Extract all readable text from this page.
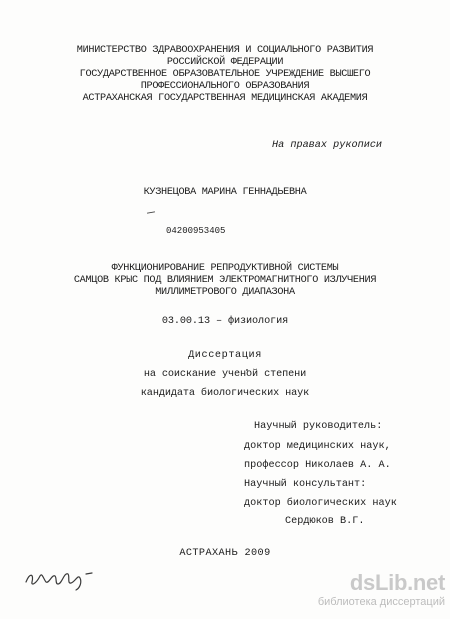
МИНИСТЕРСТВО ЗДРАВООХРАНЕНИЯ И СОЦИАЛЬНОГО РАЗВИТИЯ
РОССИЙСКОЙ ФЕДЕРАЦИИ
ГОСУДАРСТВЕННОЕ ОБРАЗОВАТЕЛЬНОЕ УЧРЕЖДЕНИЕ ВЫСШЕГО
ПРОФЕССИОНАЛЬНОГО ОБРАЗОВАНИЯ
АСТРАХАНСКАЯ ГОСУДАРСТВЕННАЯ МЕДИЦИНСКАЯ АКАДЕМИЯ
На правах рукописи
КУЗНЕЦОВА МАРИНА ГЕННАДЬЕВНА
04200953405
ФУНКЦИОНИРОВАНИЕ РЕПРОДУКТИВНОЙ СИСТЕМЫ
САМЦОВ КРЫС ПОД ВЛИЯНИЕМ ЭЛЕКТРОМАГНИТНОГО ИЗЛУЧЕНИЯ
МИЛЛИМЕТРОВОГО ДИАПАЗОНА
03.00.13 – физиология
Диссертация
на соискание ученой степени
кандидата биологических наук
Научный руководитель:
доктор медицинских наук,
профессор Николаев А. А.
Научный консультант:
доктор биологических наук
Сердюков В.Г.
АСТРАХАНЬ 2009
dsLib.net
библиотека диссертаций
